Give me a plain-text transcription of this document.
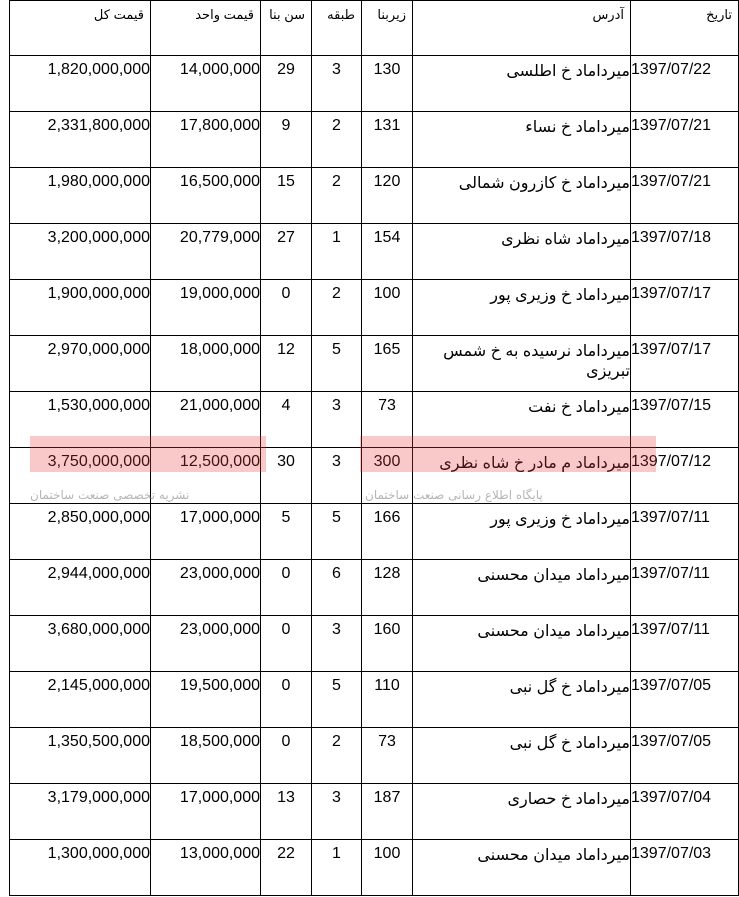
قیمت کل	قیمت واحد	سن بنا	طبقه	زیربنا	آدرس	تاریخ
1,820,000,000	14,000,000	29	3	130	میرداماد خ اطلسی	1397/07/22
2,331,800,000	17,800,000	9	2	131	میرداماد خ نساء	1397/07/21
1,980,000,000	16,500,000	15	2	120	میرداماد خ کازرون شمالی	1397/07/21
3,200,000,000	20,779,000	27	1	154	میرداماد شاه نظری	1397/07/18
1,900,000,000	19,000,000	0	2	100	میرداماد خ وزیری پور	1397/07/17
2,970,000,000	18,000,000	12	5	165	میرداماد نرسیده به خ شمس تبریزی	1397/07/17
1,530,000,000	21,000,000	4	3	73	میرداماد خ نفت	1397/07/15
3,750,000,000	12,500,000	30	3	300	میرداماد م مادر خ شاه نظری	1397/07/12
2,850,000,000	17,000,000	5	5	166	میرداماد خ وزیری پور	1397/07/11
2,944,000,000	23,000,000	0	6	128	میرداماد میدان محسنی	1397/07/11
3,680,000,000	23,000,000	0	3	160	میرداماد میدان محسنی	1397/07/11
2,145,000,000	19,500,000	0	5	110	میرداماد خ گل نبی	1397/07/05
1,350,500,000	18,500,000	0	2	73	میرداماد خ گل نبی	1397/07/05
3,179,000,000	17,000,000	13	3	187	میرداماد خ حصاری	1397/07/04
1,300,000,000	13,000,000	22	1	100	میرداماد میدان محسنی	1397/07/03
نشریه تخصصی صنعت ساختمان	پایگاه اطلاع رسانی صنعت ساختمان
